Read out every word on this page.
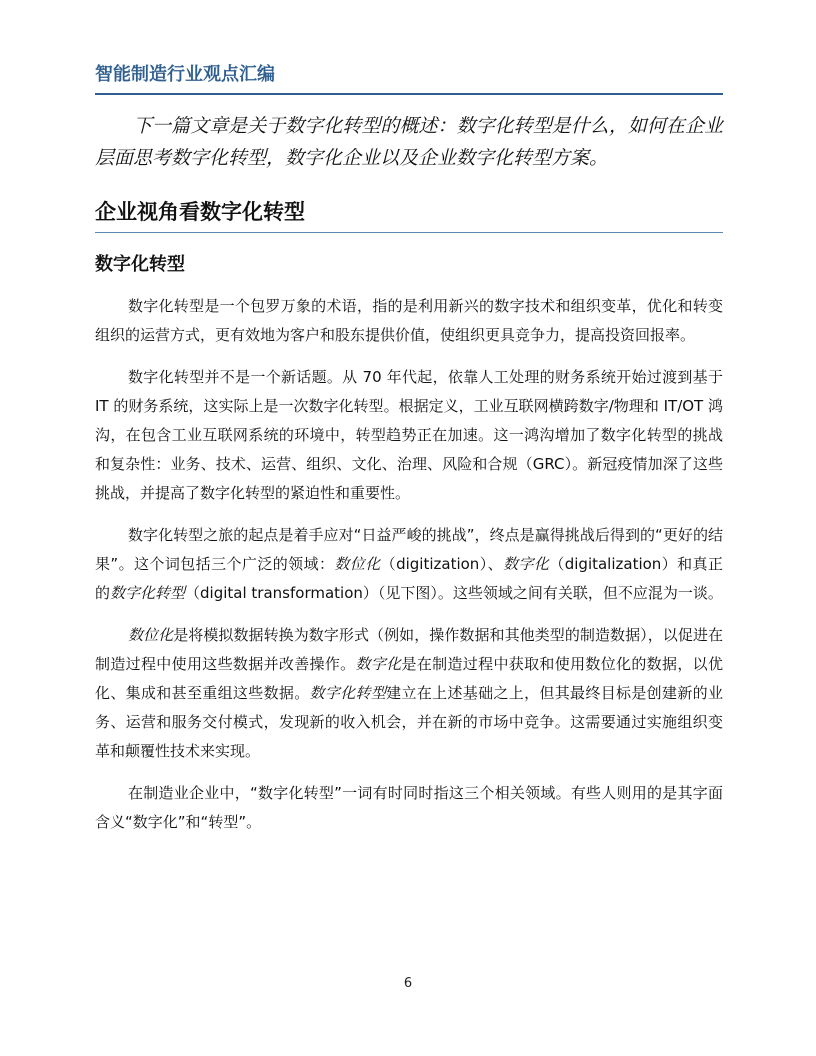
智能制造行业观点汇编
下一篇文章是关于数字化转型的概述：数字化转型是什么，如何在企业层面思考数字化转型，数字化企业以及企业数字化转型方案。
企业视角看数字化转型
数字化转型

数字化转型是一个包罗万象的术语，指的是利用新兴的数字技术和组织变革，优化和转变组织的运营方式，更有效地为客户和股东提供价值，使组织更具竞争力，提高投资回报率。

数字化转型并不是一个新话题。从 70 年代起，依靠人工处理的财务系统开始过渡到基于 IT 的财务系统，这实际上是一次数字化转型。根据定义，工业互联网横跨数字/物理和 IT/OT 鸿沟，在包含工业互联网系统的环境中，转型趋势正在加速。这一鸿沟增加了数字化转型的挑战和复杂性：业务、技术、运营、组织、文化、治理、风险和合规（GRC）。新冠疫情加深了这些挑战，并提高了数字化转型的紧迫性和重要性。

数字化转型之旅的起点是着手应对“日益严峻的挑战”，终点是赢得挑战后得到的“更好的结果”。这个词包括三个广泛的领域：数位化（digitization）、数字化（digitalization）和真正的数字化转型（digital transformation）（见下图）。这些领域之间有关联，但不应混为一谈。

数位化是将模拟数据转换为数字形式（例如，操作数据和其他类型的制造数据），以促进在制造过程中使用这些数据并改善操作。数字化是在制造过程中获取和使用数位化的数据，以优化、集成和甚至重组这些数据。数字化转型建立在上述基础之上，但其最终目标是创建新的业务、运营和服务交付模式，发现新的收入机会，并在新的市场中竞争。这需要通过实施组织变革和颠覆性技术来实现。

在制造业企业中，“数字化转型”一词有时同时指这三个相关领域。有些人则用的是其字面含义“数字化”和“转型”。

6
